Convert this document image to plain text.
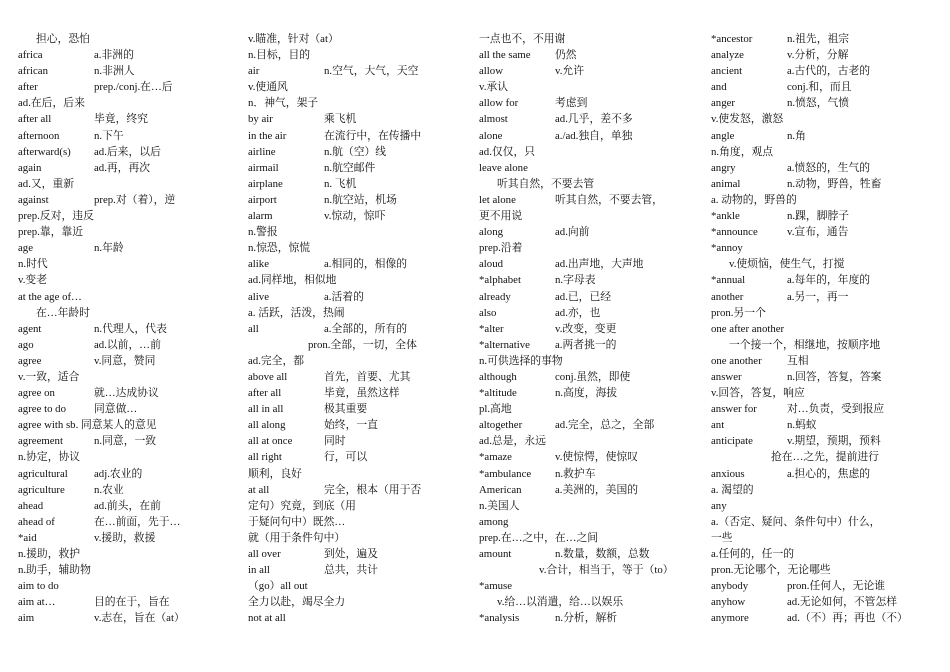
担心，恐怕
africa	a.非洲的
african	n.非洲人
after	prep./conj.在…后
ad.在后，后来
after all	毕竟，终究
afternoon	n.下午
afterward(s) ad.后来，以后
again	ad.再，再次
ad.又，重新
against	prep.对（着），逆
prep.反对，违反
prep.靠，靠近
age	n.年龄
n.时代
v.变老
at the age of…
在…年龄时
agent	n.代理人，代表
ago	ad.以前，…前
agree	v.同意，赞同
v.一致，适合
agree on	就…达成协议
agree to do	同意做…
agree with sb. 同意某人的意见
agreement	n.同意，一致
n.协定，协议
agricultural adj.农业的
agriculture	n.农业
ahead	ad.前头，在前
ahead of	在…前面，先于…
*aid	v.援助，救援
n.援助，救护
n.助手，辅助物
aim to do
aim at…	目的在于，旨在
aim	v.志在，旨在（at）
v.瞄准，针对（at）
n.目标，目的
air	n.空气，大气，天空
v.使通风
n．神气，架子
by air	乘飞机
in the air	在流行中，在传播中
airline	n.航（空）线
airmail	n.航空邮件
airplane	n. 飞机
airport	n.航空站，机场
alarm	v.惊动，惊吓
n.警报
n.惊恐，惊慌
alike	a.相同的，相像的
ad.同样地，相似地
alive	a.活着的
a. 活跃，活泼，热闹
all	a.全部的，所有的
pron.全部，一切，全体
ad.完全，都
above all	首先，首要、尤其
after all	毕竟，虽然这样
all in all	极其重要
all along	始终，一直
all at once	同时
all right	行，可以
顺利，良好
at all	完全，根本（用于否
定句）究竟，到底（用
于疑问句中）既然…
就（用于条件句中）
all over	到处，遍及
in all	总共，共计
（go）all out
全力以赴，竭尽全力
not at all
一点也不，不用谢
all the same 仍然
allow	v.允许
v.承认
allow for	考虑到
almost	ad.几乎，差不多
alone	a./ad.独自，单独
ad.仅仅，只
leave alone
听其自然，不要去管
let alone	听其自然，不要去管，
更不用说
along	ad.向前
prep.沿着
aloud	ad.出声地，大声地
*alphabet	n.字母表
already	ad.已，已经
also	ad.亦，也
*alter	v.改变，变更
*alternative a.两者挑一的
n.可供选择的事物
although	conj.虽然，即使
*altitude	n.高度，海拔
pl.高地
altogether	ad.完全，总之，全部
ad.总是，永远
*amaze	v.使惊愕，使惊叹
*ambulance n.救护车
American	a.美洲的，美国的
n.美国人
among
prep.在…之中，在…之间
amount	n.数量，数额，总数
v.合计，相当于，等于（to）
*amuse
v.给…以消遣，给…以娱乐
*analysis	n.分析，解析
*ancestor	n.祖先，祖宗
analyze	v.分析，分解
ancient	a.古代的，古老的
and	conj.和，而且
anger	n.愤怒，气愤
v.使发怒，激怒
angle	n.角
n.角度，观点
angry	a.愤怒的，生气的
animal	n.动物，野兽，牲畜
a. 动物的，野兽的
*ankle	n.踝，脚脖子
*announce	v.宣布，通告
*annoy
v.使烦恼，使生气，打搅
*annual	a.每年的，年度的
another	a.另一，再一
pron.另一个
one after another
一个接一个，相继地，按顺序地
one another 互相
answer	n.回答，答复，答案
v.回答，答复，响应
answer for	对…负责，受到报应
ant	n.蚂蚁
anticipate	v.期望，预期，预料
抢在…之先，提前进行
anxious	a.担心的，焦虑的
a. 渴望的
any
a.（否定、疑问、条件句中）什么，
一些
a.任何的，任一的
pron.无论哪个，无论哪些
anybody	pron.任何人，无论谁
anyhow	ad.无论如何，不管怎样
anymore	ad.（不）再；再也（不）
